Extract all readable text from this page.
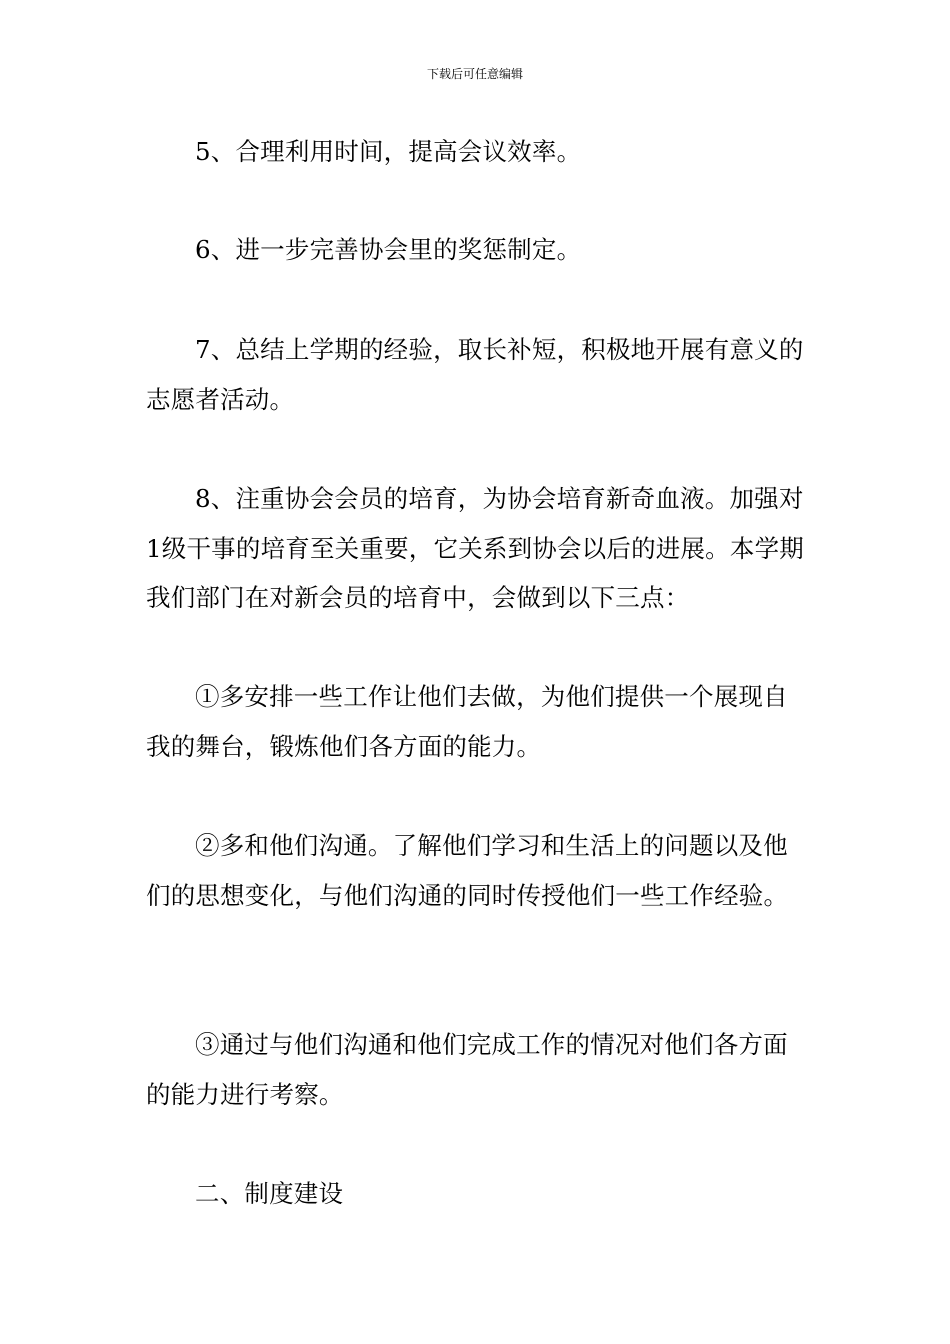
下载后可任意编辑

5、合理利用时间，提高会议效率。

6、进一步完善协会里的奖惩制定。

7、总结上学期的经验，取长补短，积极地开展有意义的志愿者活动。

8、注重协会会员的培育，为协会培育新奇血液。加强对1级干事的培育至关重要，它关系到协会以后的进展。本学期我们部门在对新会员的培育中，会做到以下三点：

①多安排一些工作让他们去做，为他们提供一个展现自我的舞台，锻炼他们各方面的能力。

②多和他们沟通。了解他们学习和生活上的问题以及他们的思想变化，与他们沟通的同时传授他们一些工作经验。

③通过与他们沟通和他们完成工作的情况对他们各方面的能力进行考察。

二、制度建设
